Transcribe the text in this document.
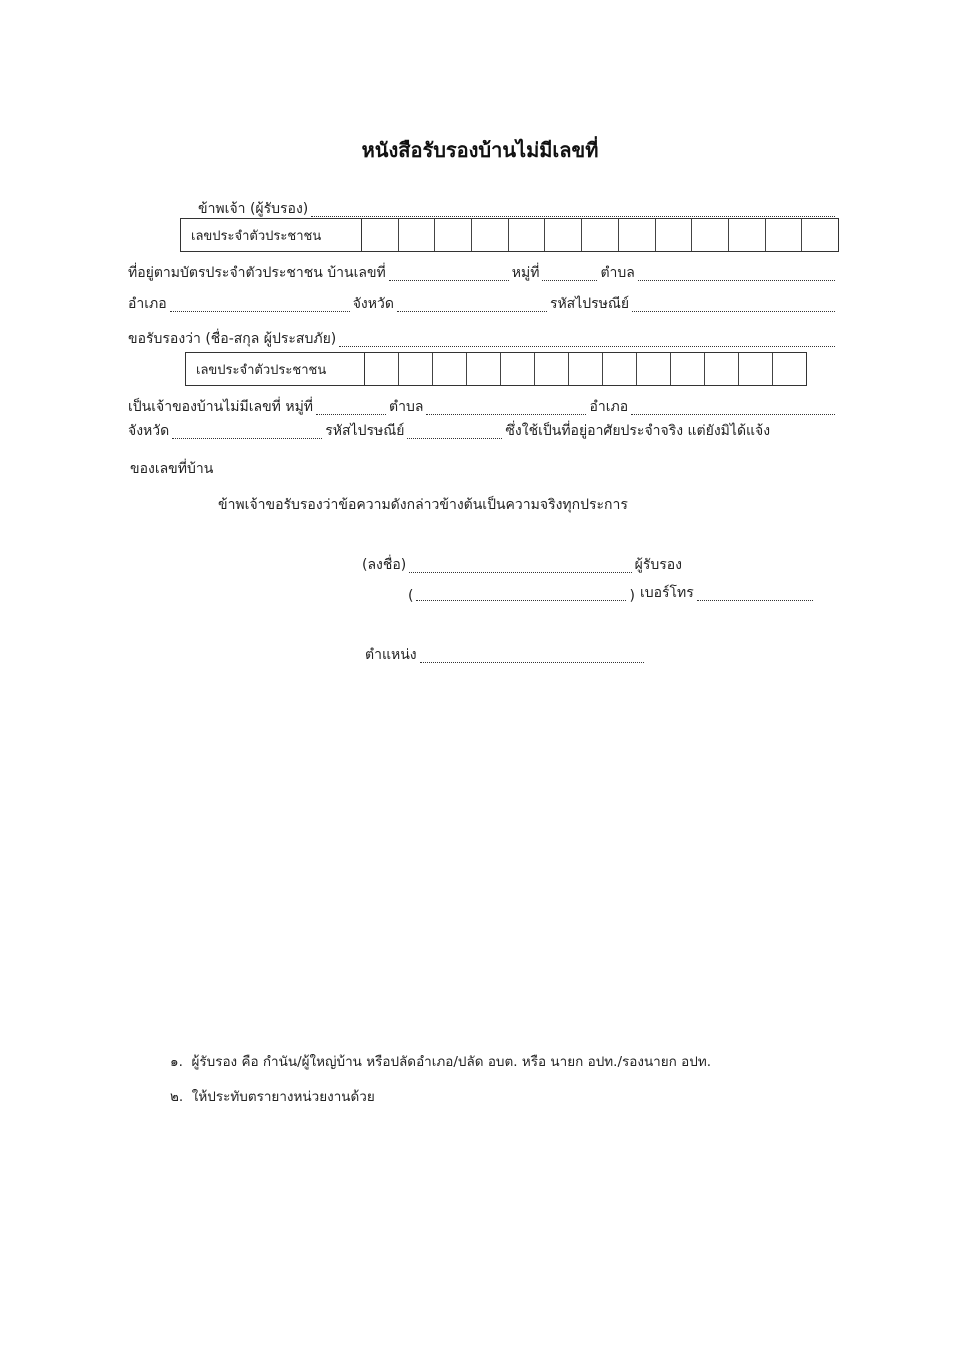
หนังสือรับรองบ้านไม่มีเลขที่
ข้าพเจ้า (ผู้รับรอง)
เลขประจำตัวประชาชน
ที่อยู่ตามบัตรประจำตัวประชาชน บ้านเลขที่	หมู่ที่	ตำบล
อำเภอ	จังหวัด	รหัสไปรษณีย์
ขอรับรองว่า (ชื่อ-สกุล ผู้ประสบภัย)
เลขประจำตัวประชาชน
เป็นเจ้าของบ้านไม่มีเลขที่ หมู่ที่	ตำบล	อำเภอ
จังหวัด	รหัสไปรษณีย์	ซึ่งใช้เป็นที่อยู่อาศัยประจำจริง แต่ยังมิได้แจ้ง
ของเลขที่บ้าน
ข้าพเจ้าขอรับรองว่าข้อความดังกล่าวข้างต้นเป็นความจริงทุกประการ
(ลงชื่อ)	ผู้รับรอง
(	) เบอร์โทร
ตำแหน่ง
๑. ผู้รับรอง คือ กำนัน/ผู้ใหญ่บ้าน หรือปลัดอำเภอ/ปลัด อบต. หรือ นายก อปท./รองนายก อปท.
๒. ให้ประทับตรายางหน่วยงานด้วย
